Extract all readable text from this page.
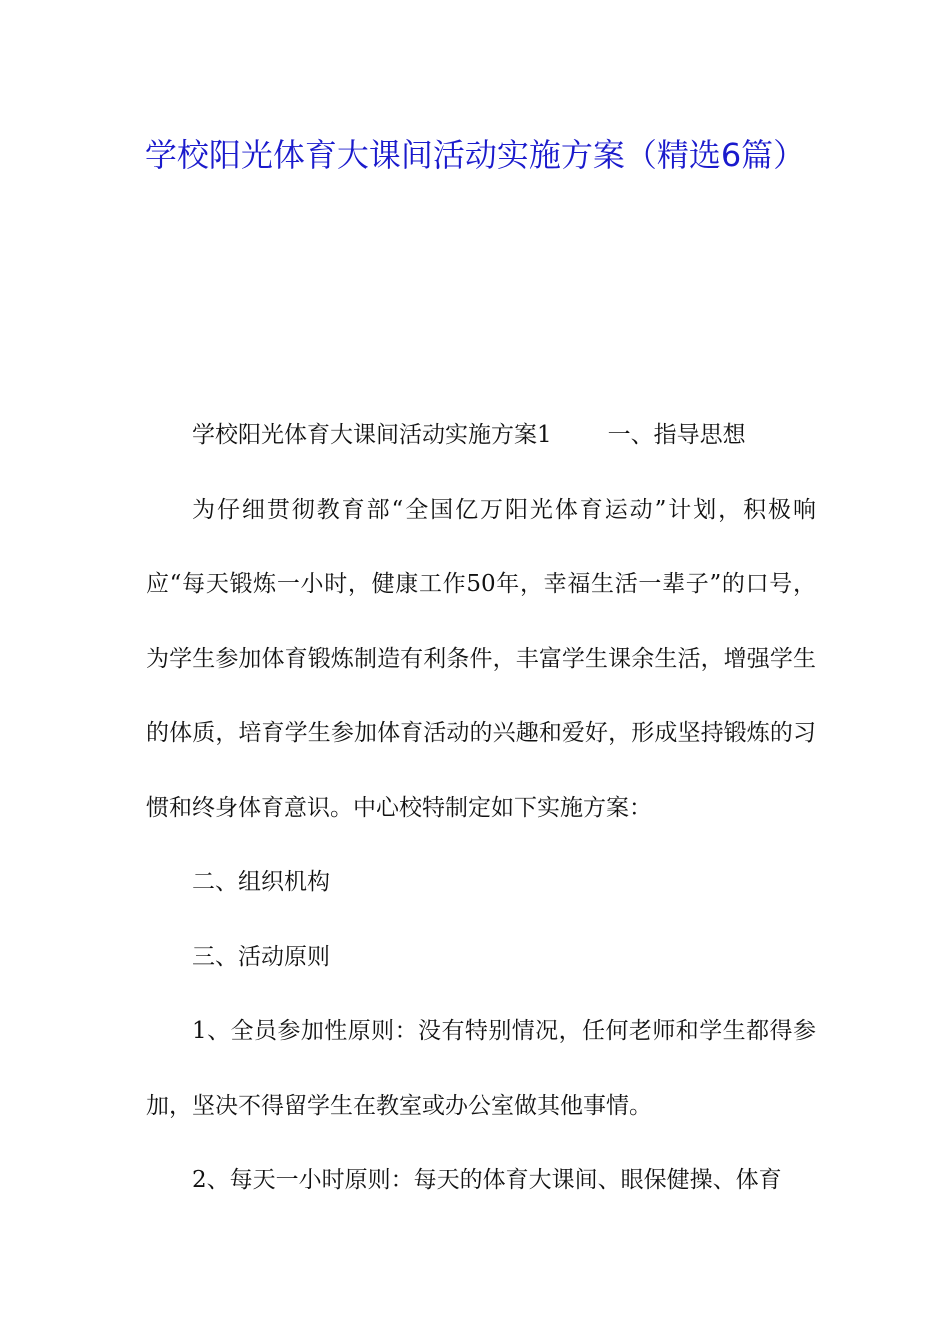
学校阳光体育大课间活动实施方案（精选6篇）

学校阳光体育大课间活动实施方案1 一、指导思想

为仔细贯彻教育部“全国亿万阳光体育运动”计划，积极响应“每天锻炼一小时，健康工作50年，幸福生活一辈子”的口号，为学生参加体育锻炼制造有利条件，丰富学生课余生活，增强学生的体质，培育学生参加体育活动的兴趣和爱好，形成坚持锻炼的习惯和终身体育意识。中心校特制定如下实施方案：

二、组织机构

三、活动原则

1、全员参加性原则：没有特别情况，任何老师和学生都得参加，坚决不得留学生在教室或办公室做其他事情。

2、每天一小时原则：每天的体育大课间、眼保健操、体育
